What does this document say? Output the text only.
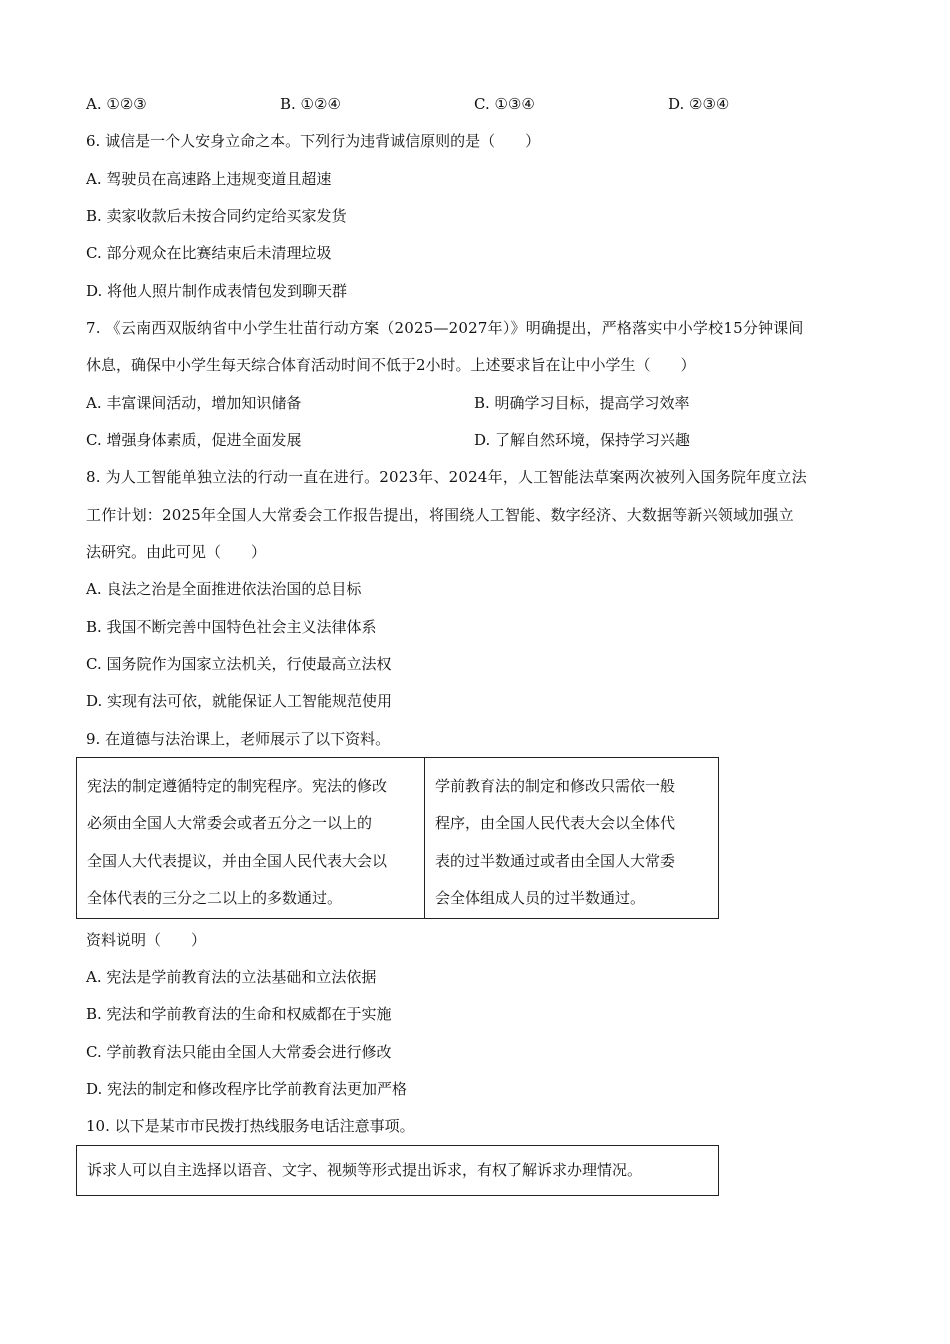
A. ①②③	B. ①②④	C. ①③④	D. ②③④
6. 诚信是一个人安身立命之本。下列行为违背诚信原则的是（　　）
A. 驾驶员在高速路上违规变道且超速
B. 卖家收款后未按合同约定给买家发货
C. 部分观众在比赛结束后未清理垃圾
D. 将他人照片制作成表情包发到聊天群
7. 《云南西双版纳省中小学生壮苗行动方案（2025—2027年）》明确提出，严格落实中小学校15分钟课间
休息，确保中小学生每天综合体育活动时间不低于2小时。上述要求旨在让中小学生（　　）
A. 丰富课间活动，增加知识储备	B. 明确学习目标，提高学习效率
C. 增强身体素质，促进全面发展	D. 了解自然环境，保持学习兴趣
8. 为人工智能单独立法的行动一直在进行。2023年、2024年，人工智能法草案两次被列入国务院年度立法
工作计划：2025年全国人大常委会工作报告提出，将围绕人工智能、数字经济、大数据等新兴领域加强立
法研究。由此可见（　　）
A. 良法之治是全面推进依法治国的总目标
B. 我国不断完善中国特色社会主义法律体系
C. 国务院作为国家立法机关，行使最高立法权
D. 实现有法可依，就能保证人工智能规范使用
9. 在道德与法治课上，老师展示了以下资料。
宪法的制定遵循特定的制宪程序。宪法的修改
必须由全国人大常委会或者五分之一以上的
全国人大代表提议，并由全国人民代表大会以
全体代表的三分之二以上的多数通过。
学前教育法的制定和修改只需依一般
程序，由全国人民代表大会以全体代
表的过半数通过或者由全国人大常委
会全体组成人员的过半数通过。
资料说明（　　）
A. 宪法是学前教育法的立法基础和立法依据
B. 宪法和学前教育法的生命和权威都在于实施
C. 学前教育法只能由全国人大常委会进行修改
D. 宪法的制定和修改程序比学前教育法更加严格
10. 以下是某市市民拨打热线服务电话注意事项。
诉求人可以自主选择以语音、文字、视频等形式提出诉求，有权了解诉求办理情况。
